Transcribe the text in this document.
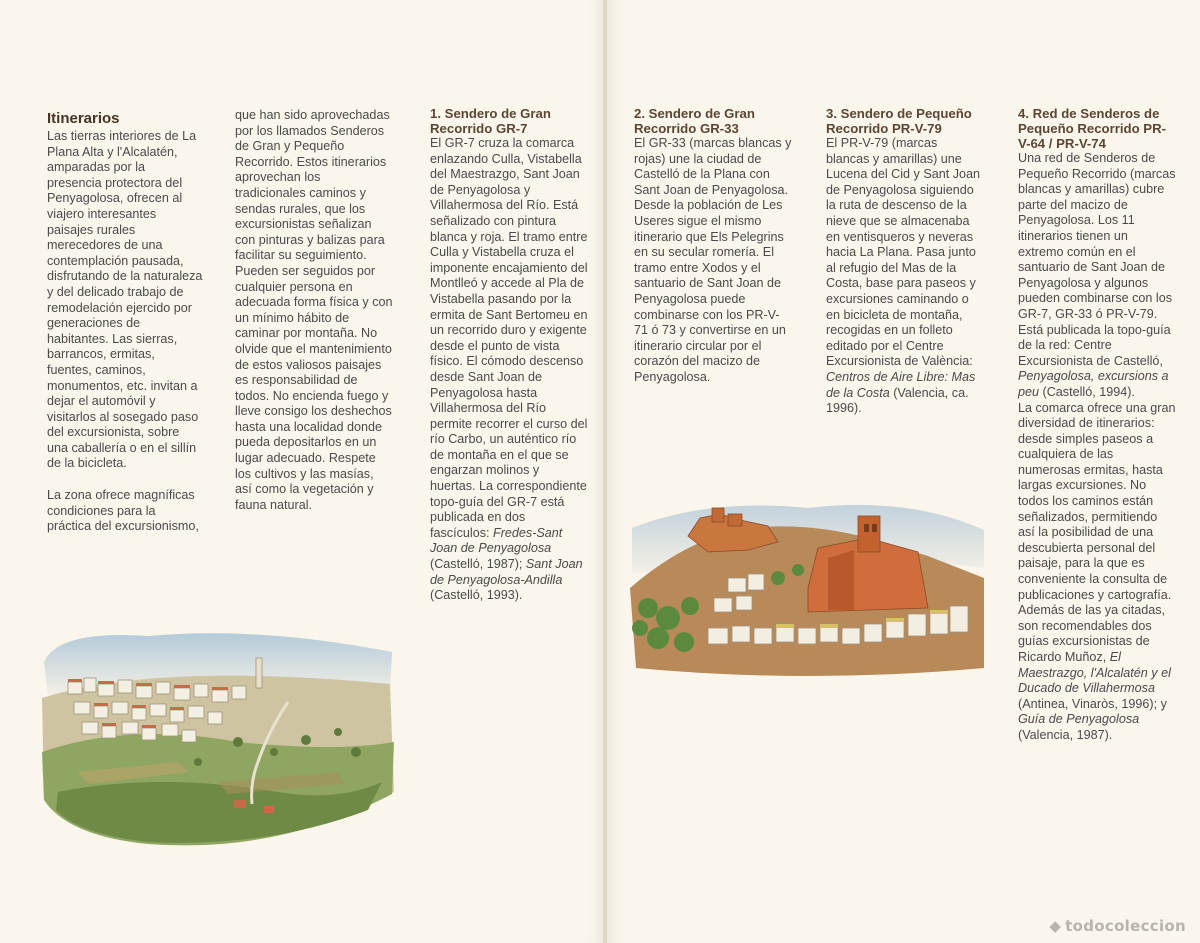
Itinerarios

Las tierras interiores de La Plana Alta y l'Alcalatén, amparadas por la presencia protectora del Penyagolosa, ofrecen al viajero interesantes paisajes rurales merecedores de una contemplación pausada, disfrutando de la naturaleza y del delicado trabajo de remodelación ejercido por generaciones de habitantes. Las sierras, barrancos, ermitas, fuentes, caminos, monumentos, etc. invitan a dejar el automóvil y visitarlos al sosegado paso del excursionista, sobre una caballería o en el sillín de la bicicleta.

La zona ofrece magníficas condiciones para la práctica del excursionismo,

que han sido aprovechadas por los llamados Senderos de Gran y Pequeño Recorrido. Estos itinerarios aprovechan los tradicionales caminos y sendas rurales, que los excursionistas señalizan con pinturas y balizas para facilitar su seguimiento. Pueden ser seguidos por cualquier persona en adecuada forma física y con un mínimo hábito de caminar por montaña. No olvide que el mantenimiento de estos valiosos paisajes es responsabilidad de todos. No encienda fuego y lleve consigo los deshechos hasta una localidad donde pueda depositarlos en un lugar adecuado. Respete los cultivos y las masías, así como la vegetación y fauna natural.

1. Sendero de Gran Recorrido GR-7
El GR-7 cruza la comarca enlazando Culla, Vistabella del Maestrazgo, Sant Joan de Penyagolosa y Villahermosa del Río. Está señalizado con pintura blanca y roja. El tramo entre Culla y Vistabella cruza el imponente encajamiento del Montlleó y accede al Pla de Vistabella pasando por la ermita de Sant Bertomeu en un recorrido duro y exigente desde el punto de vista físico. El cómodo descenso desde Sant Joan de Penyagolosa hasta Villahermosa del Río permite recorrer el curso del río Carbo, un auténtico río de montaña en el que se engarzan molinos y huertas. La correspondiente topo-guía del GR-7 está publicada en dos fascículos: Fredes-Sant Joan de Penyagolosa (Castelló, 1987); Sant Joan de Penyagolosa-Andilla (Castelló, 1993).
2. Sendero de Gran Recorrido GR-33
El GR-33 (marcas blancas y rojas) une la ciudad de Castelló de la Plana con Sant Joan de Penyagolosa. Desde la población de Les Useres sigue el mismo itinerario que Els Pelegrins en su secular romería. El tramo entre Xodos y el santuario de Sant Joan de Penyagolosa puede combinarse con los PR-V-71 ó 73 y convertirse en un itinerario circular por el corazón del macizo de Penyagolosa.
3. Sendero de Pequeño Recorrido PR-V-79
El PR-V-79 (marcas blancas y amarillas) une Lucena del Cid y Sant Joan de Penyagolosa siguiendo la ruta de descenso de la nieve que se almacenaba en ventisqueros y neveras hacia La Plana. Pasa junto al refugio del Mas de la Costa, base para paseos y excursiones caminando o en bicicleta de montaña, recogidas en un folleto editado por el Centre Excursionista de València: Centros de Aire Libre: Mas de la Costa (Valencia, ca. 1996).
4. Red de Senderos de Pequeño Recorrido PR-V-64 / PR-V-74
Una red de Senderos de Pequeño Recorrido (marcas blancas y amarillas) cubre parte del macizo de Penyagolosa. Los 11 itinerarios tienen un extremo común en el santuario de Sant Joan de Penyagolosa y algunos pueden combinarse con los GR-7, GR-33 ó PR-V-79. Está publicada la topo-guía de la red: Centre Excursionista de Castelló, Penyagolosa, excursions a peu (Castelló, 1994).
La comarca ofrece una gran diversidad de itinerarios: desde simples paseos a cualquiera de las numerosas ermitas, hasta largas excursiones. No todos los caminos están señalizados, permitiendo así la posibilidad de una descubierta personal del paisaje, para la que es conveniente la consulta de publicaciones y cartografía. Además de las ya citadas, son recomendables dos guías excursionistas de Ricardo Muñoz, El Maestrazgo, l'Alcalatén y el Ducado de Villahermosa (Antinea, Vinaròs, 1996); y Guía de Penyagolosa (Valencia, 1987).
◆ todocoleccion
